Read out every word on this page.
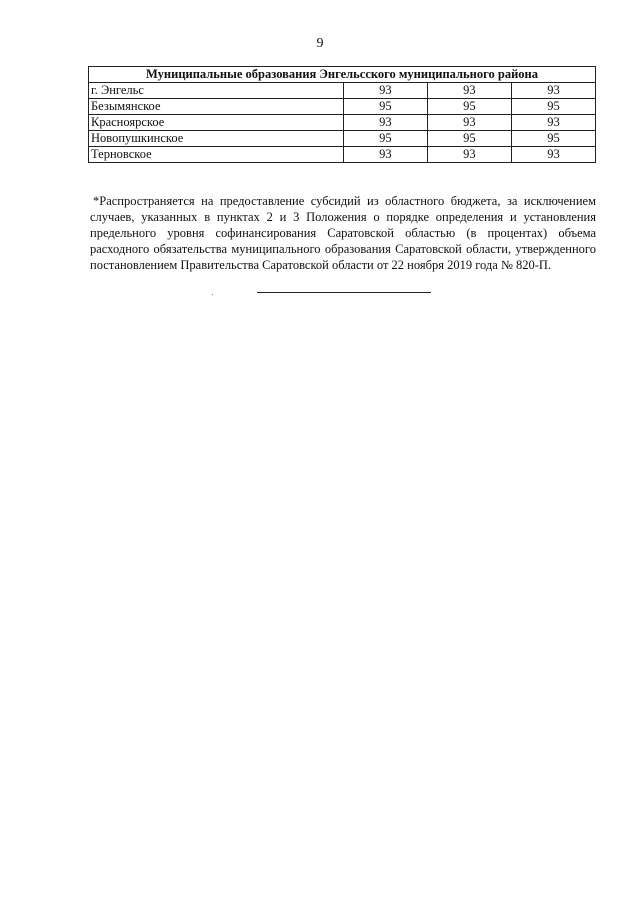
9
Муниципальные образования Энгельсского муниципального района			
г. Энгельс	93	93	93
Безымянское	95	95	95
Красноярское	93	93	93
Новопушкинское	95	95	95
Терновское	93	93	93

*Распространяется на предоставление субсидий из областного бюджета, за исключением случаев, указанных в пунктах 2 и 3 Положения о порядке определения и установления предельного уровня софинансирования Саратовской областью (в процентах) объема расходного обязательства муниципального образования Саратовской области, утвержденного постановлением Правительства Саратовской области от 22 ноября 2019 года № 820-П.
